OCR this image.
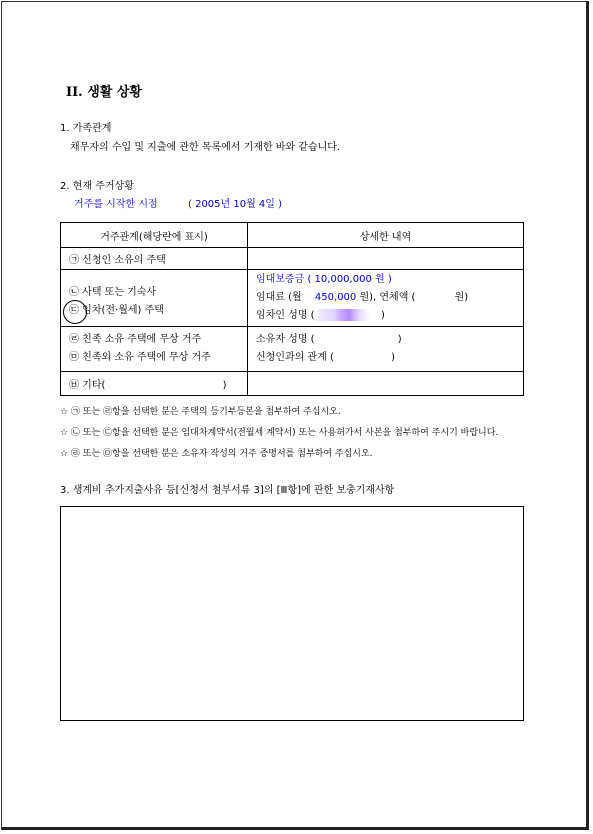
II. 생활 상황
1. 가족관계
채무자의 수입 및 지출에 관한 목록에서 기재한 바와 같습니다.
2. 현재 주거상황
거주를 시작한 시점	( 2005년 10월 4일 )
거주관계(해당란에 표시)	상세한 내역
㉠ 신청인 소유의 주택	

㉡ 사택 또는 기숙사
㉢ 임차(전·월세) 주택	임대보증금 ( 10,000,000 원 )
임대료 (월 450,000 원), 연체액 ( 원)
임차인 성명 ( )

㉣ 친족 소유 주택에 무상 거주
㉤ 친족외 소유 주택에 무상 거주	소유자 성명 ( )
신청인과의 관계 ( )

㉥ 기타( )	
☆ ㉠ 또는 ㉣항을 선택한 분은 주택의 등기부등본을 첨부하여 주십시오.
☆ ㉡ 또는 ㉢항을 선택한 분은 임대차계약서(전월세 계약서) 또는 사용허가서 사본을 첨부하여 주시기 바랍니다.
☆ ㉣ 또는 ㉤항을 선택한 분은 소유자 작성의 거주 증명서를 첨부하여 주십시오.
3. 생계비 추가지출사유 등[신청서 첨부서류 3]의 [Ⅲ항]에 관한 보충기재사항
